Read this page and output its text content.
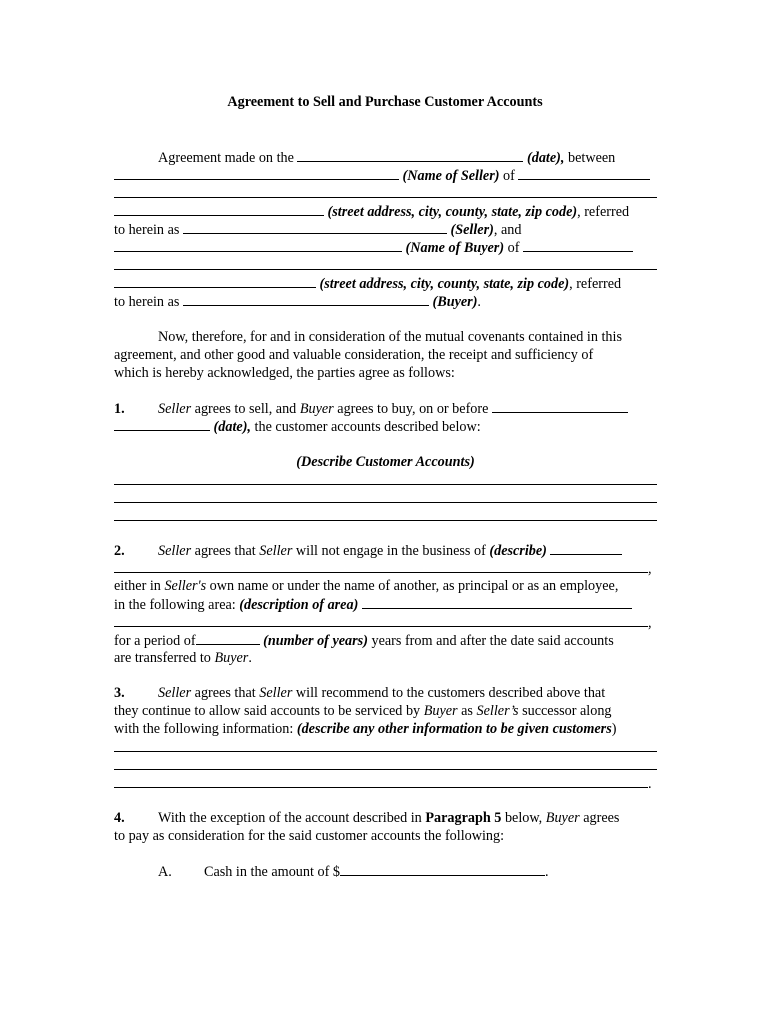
Agreement to Sell and Purchase Customer Accounts
Agreement made on the	(date), between
(Name of Seller) of
(street address, city, county, state, zip code), referred
to herein as	(Seller), and
(Name of Buyer) of
(street address, city, county, state, zip code), referred
to herein as	(Buyer).
Now, therefore, for and in consideration of the mutual covenants contained in this
agreement, and other good and valuable consideration, the receipt and sufficiency of
which is hereby acknowledged, the parties agree as follows:
1. Seller agrees to sell, and Buyer agrees to buy, on or before
(date), the customer accounts described below:
(Describe Customer Accounts)
2. Seller agrees that Seller will not engage in the business of (describe)
,
either in Seller's own name or under the name of another, as principal or as an employee,
in the following area: (description of area)
,
for a period of	(number of years) years from and after the date said accounts
are transferred to Buyer.
3. Seller agrees that Seller will recommend to the customers described above that
they continue to allow said accounts to be serviced by Buyer as Seller’s successor along
with the following information: (describe any other information to be given customers)
.
4. With the exception of the account described in Paragraph 5 below, Buyer agrees
to pay as consideration for the said customer accounts the following:
A. Cash in the amount of $	.
